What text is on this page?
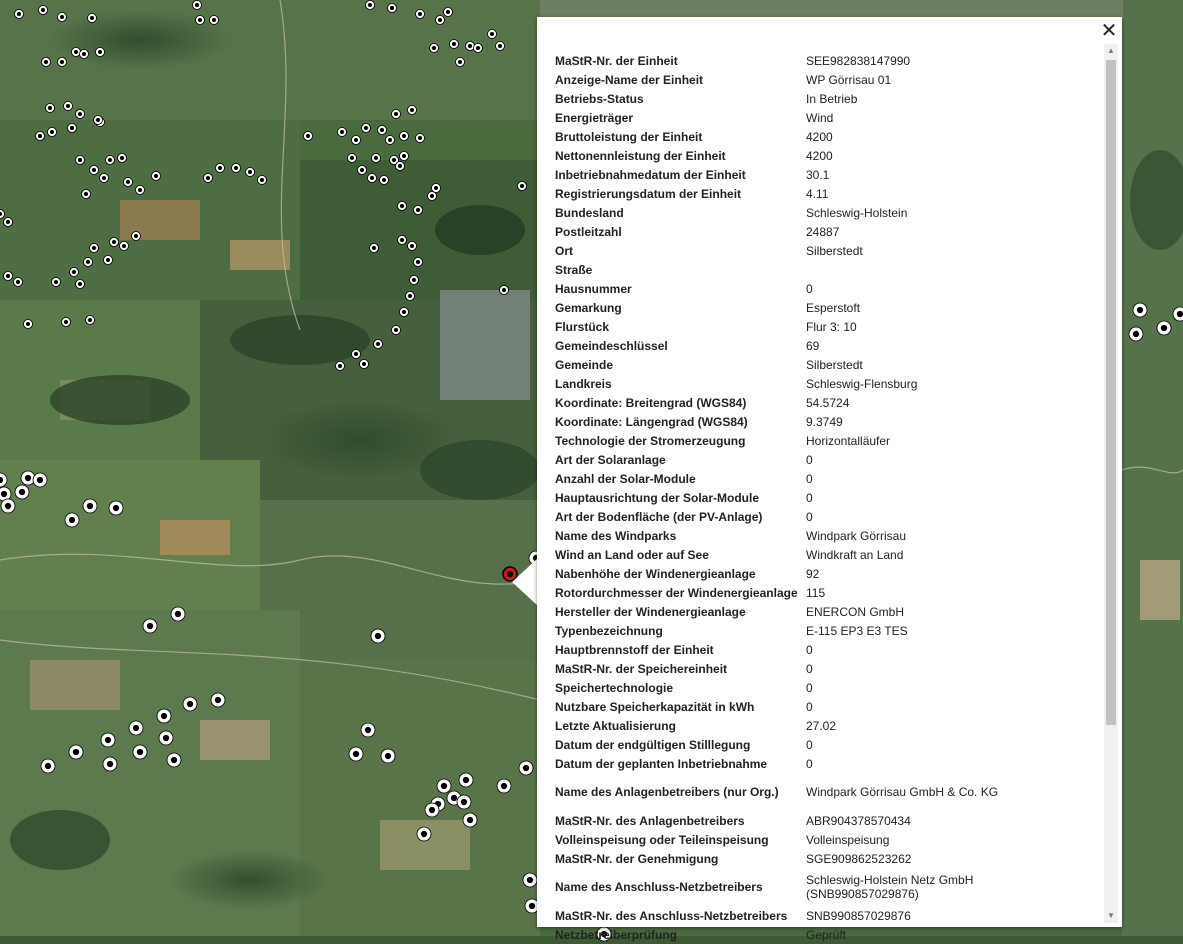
✕
MaStR-Nr. der Einheit	SEE982838147990
Anzeige-Name der Einheit	WP Görrisau 01
Betriebs-Status	In Betrieb
Energieträger	Wind
Bruttoleistung der Einheit	4200
Nettonennleistung der Einheit	4200
Inbetriebnahmedatum der Einheit	30.1
Registrierungsdatum der Einheit	4.11
Bundesland	Schleswig-Holstein
Postleitzahl	24887
Ort	Silberstedt
Straße	
Hausnummer	0
Gemarkung	Esperstoft
Flurstück	Flur 3: 10
Gemeindeschlüssel	69
Gemeinde	Silberstedt
Landkreis	Schleswig-Flensburg
Koordinate: Breitengrad (WGS84)	54.5724
Koordinate: Längengrad (WGS84)	9.3749
Technologie der Stromerzeugung	Horizontalläufer
Art der Solaranlage	0
Anzahl der Solar-Module	0
Hauptausrichtung der Solar-Module	0
Art der Bodenfläche (der PV-Anlage)	0
Name des Windparks	Windpark Görrisau
Wind an Land oder auf See	Windkraft an Land
Nabenhöhe der Windenergieanlage	92
Rotordurchmesser der Windenergieanlage	115
Hersteller der Windenergieanlage	ENERCON GmbH
Typenbezeichnung	E-115 EP3 E3 TES
Hauptbrennstoff der Einheit	0
MaStR-Nr. der Speichereinheit	0
Speichertechnologie	0
Nutzbare Speicherkapazität in kWh	0
Letzte Aktualisierung	27.02
Datum der endgültigen Stilllegung	0
Datum der geplanten Inbetriebnahme	0
Name des Anlagenbetreibers (nur Org.)	Windpark Görrisau GmbH & Co. KG
MaStR-Nr. des Anlagenbetreibers	ABR904378570434
Volleinspeisung oder Teileinspeisung	Volleinspeisung
MaStR-Nr. der Genehmigung	SGE909862523262
Name des Anschluss-Netzbetreibers	Schleswig-Holstein Netz GmbH (SNB990857029876)
MaStR-Nr. des Anschluss-Netzbetreibers	SNB990857029876
Netzbetreiberprüfung	Geprüft
▲
▼
